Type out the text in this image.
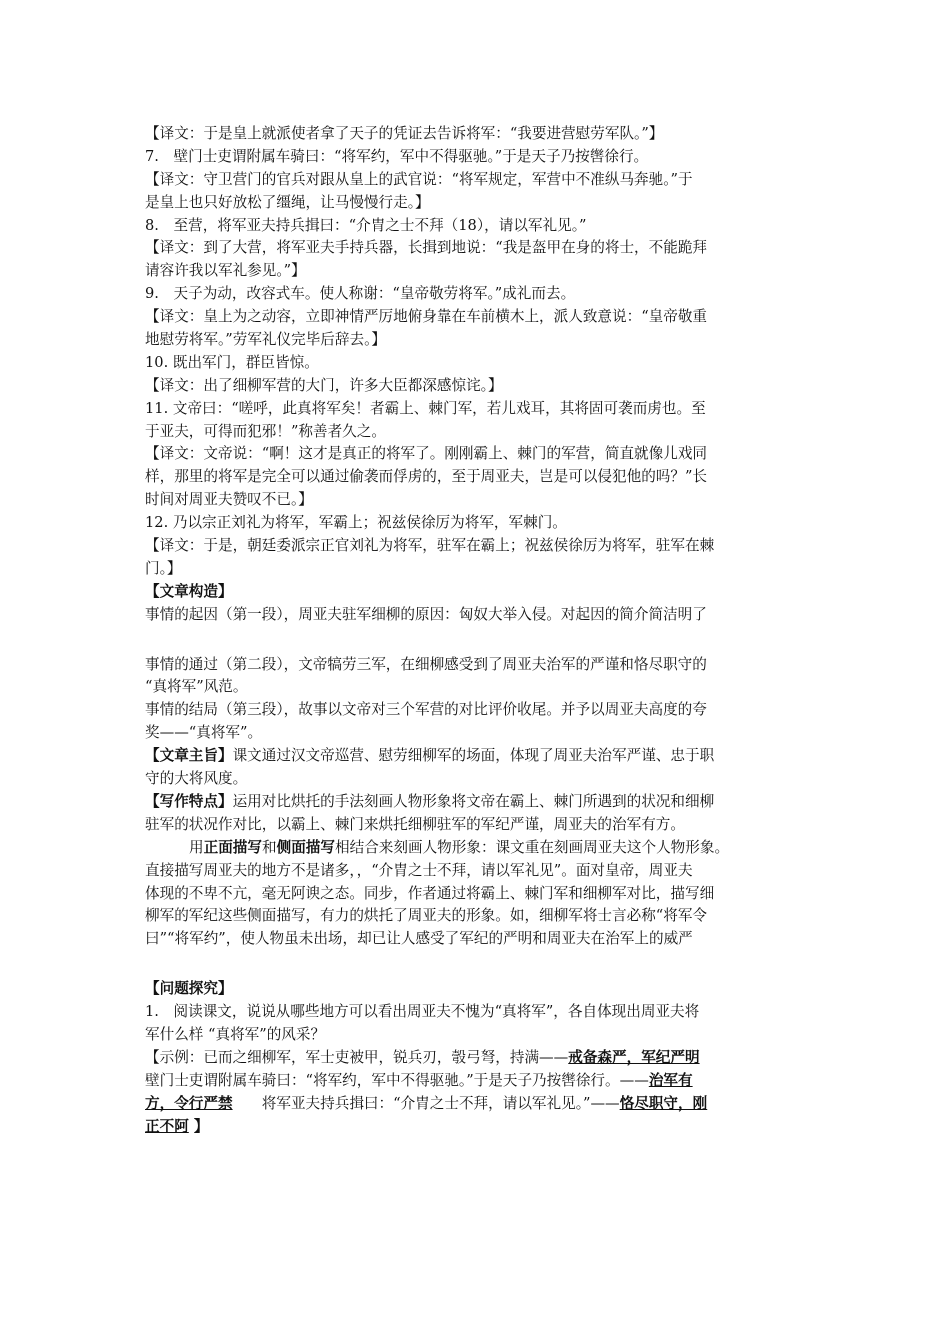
【译文：于是皇上就派使者拿了天子的凭证去告诉将军：“我要进营慰劳军队。”】
7.　壁门士吏谓附属车骑曰：“将军约，军中不得驱驰。”于是天子乃按辔徐行。
【译文：守卫营门的官兵对跟从皇上的武官说：“将军规定，军营中不准纵马奔驰。”于
是皇上也只好放松了缰绳，让马慢慢行走。】
8.　至营，将军亚夫持兵揖曰：“介胄之士不拜（18），请以军礼见。”
【译文：到了大营，将军亚夫手持兵器，长揖到地说：“我是盔甲在身的将士，不能跪拜
请容许我以军礼参见。”】
9.　天子为动，改容式车。使人称谢：“皇帝敬劳将军。”成礼而去。
【译文：皇上为之动容，立即神情严厉地俯身靠在车前横木上，派人致意说：“皇帝敬重
地慰劳将军。”劳军礼仪完毕后辞去。】
10. 既出军门，群臣皆惊。
【译文：出了细柳军营的大门，许多大臣都深感惊诧。】
11. 文帝曰：“嗟呼，此真将军矣！者霸上、棘门军，若儿戏耳，其将固可袭而虏也。至
于亚夫，可得而犯邪！”称善者久之。
【译文：文帝说：“啊！这才是真正的将军了。刚刚霸上、棘门的军营，简直就像儿戏同
样，那里的将军是完全可以通过偷袭而俘虏的，至于周亚夫，岂是可以侵犯他的吗？”长
时间对周亚夫赞叹不已。】
12. 乃以宗正刘礼为将军，军霸上；祝兹侯徐厉为将军，军棘门。
【译文：于是，朝廷委派宗正官刘礼为将军，驻军在霸上；祝兹侯徐厉为将军，驻军在棘
门。】
【文章构造】
事情的起因（第一段），周亚夫驻军细柳的原因：匈奴大举入侵。对起因的简介简洁明了
事情的通过（第二段），文帝犒劳三军，在细柳感受到了周亚夫治军的严谨和恪尽职守的
“真将军”风范。
事情的结局（第三段），故事以文帝对三个军营的对比评价收尾。并予以周亚夫高度的夸
奖——“真将军”。
【文章主旨】课文通过汉文帝巡营、慰劳细柳军的场面，体现了周亚夫治军严谨、忠于职
守的大将风度。
【写作特点】运用对比烘托的手法刻画人物形象将文帝在霸上、棘门所遇到的状况和细柳
驻军的状况作对比，以霸上、棘门来烘托细柳驻军的军纪严谨，周亚夫的治军有方。
用正面描写和侧面描写相结合来刻画人物形象：课文重在刻画周亚夫这个人物形象。
直接描写周亚夫的地方不是诸多，，“介胄之士不拜，请以军礼见”。面对皇帝，周亚夫
体现的不卑不亢，毫无阿谀之态。同步，作者通过将霸上、棘门军和细柳军对比，描写细
柳军的军纪这些侧面描写，有力的烘托了周亚夫的形象。如，细柳军将士言必称“将军令
曰”“将军约”，使人物虽未出场，却已让人感受了军纪的严明和周亚夫在治军上的威严
【问题探究】
1.　阅读课文，说说从哪些地方可以看出周亚夫不愧为“真将军”，各自体现出周亚夫将
军什么样 “真将军”的风采？
【示例：已而之细柳军，军士吏被甲，锐兵刃，彀弓弩，持满——戒备森严，军纪严明
壁门士吏谓附属车骑曰：“将军约，军中不得驱驰。”于是天子乃按辔徐行。——治军有
方，令行严禁　　将军亚夫持兵揖曰：“介胄之士不拜，请以军礼见。”——恪尽职守，刚
正不阿 】
